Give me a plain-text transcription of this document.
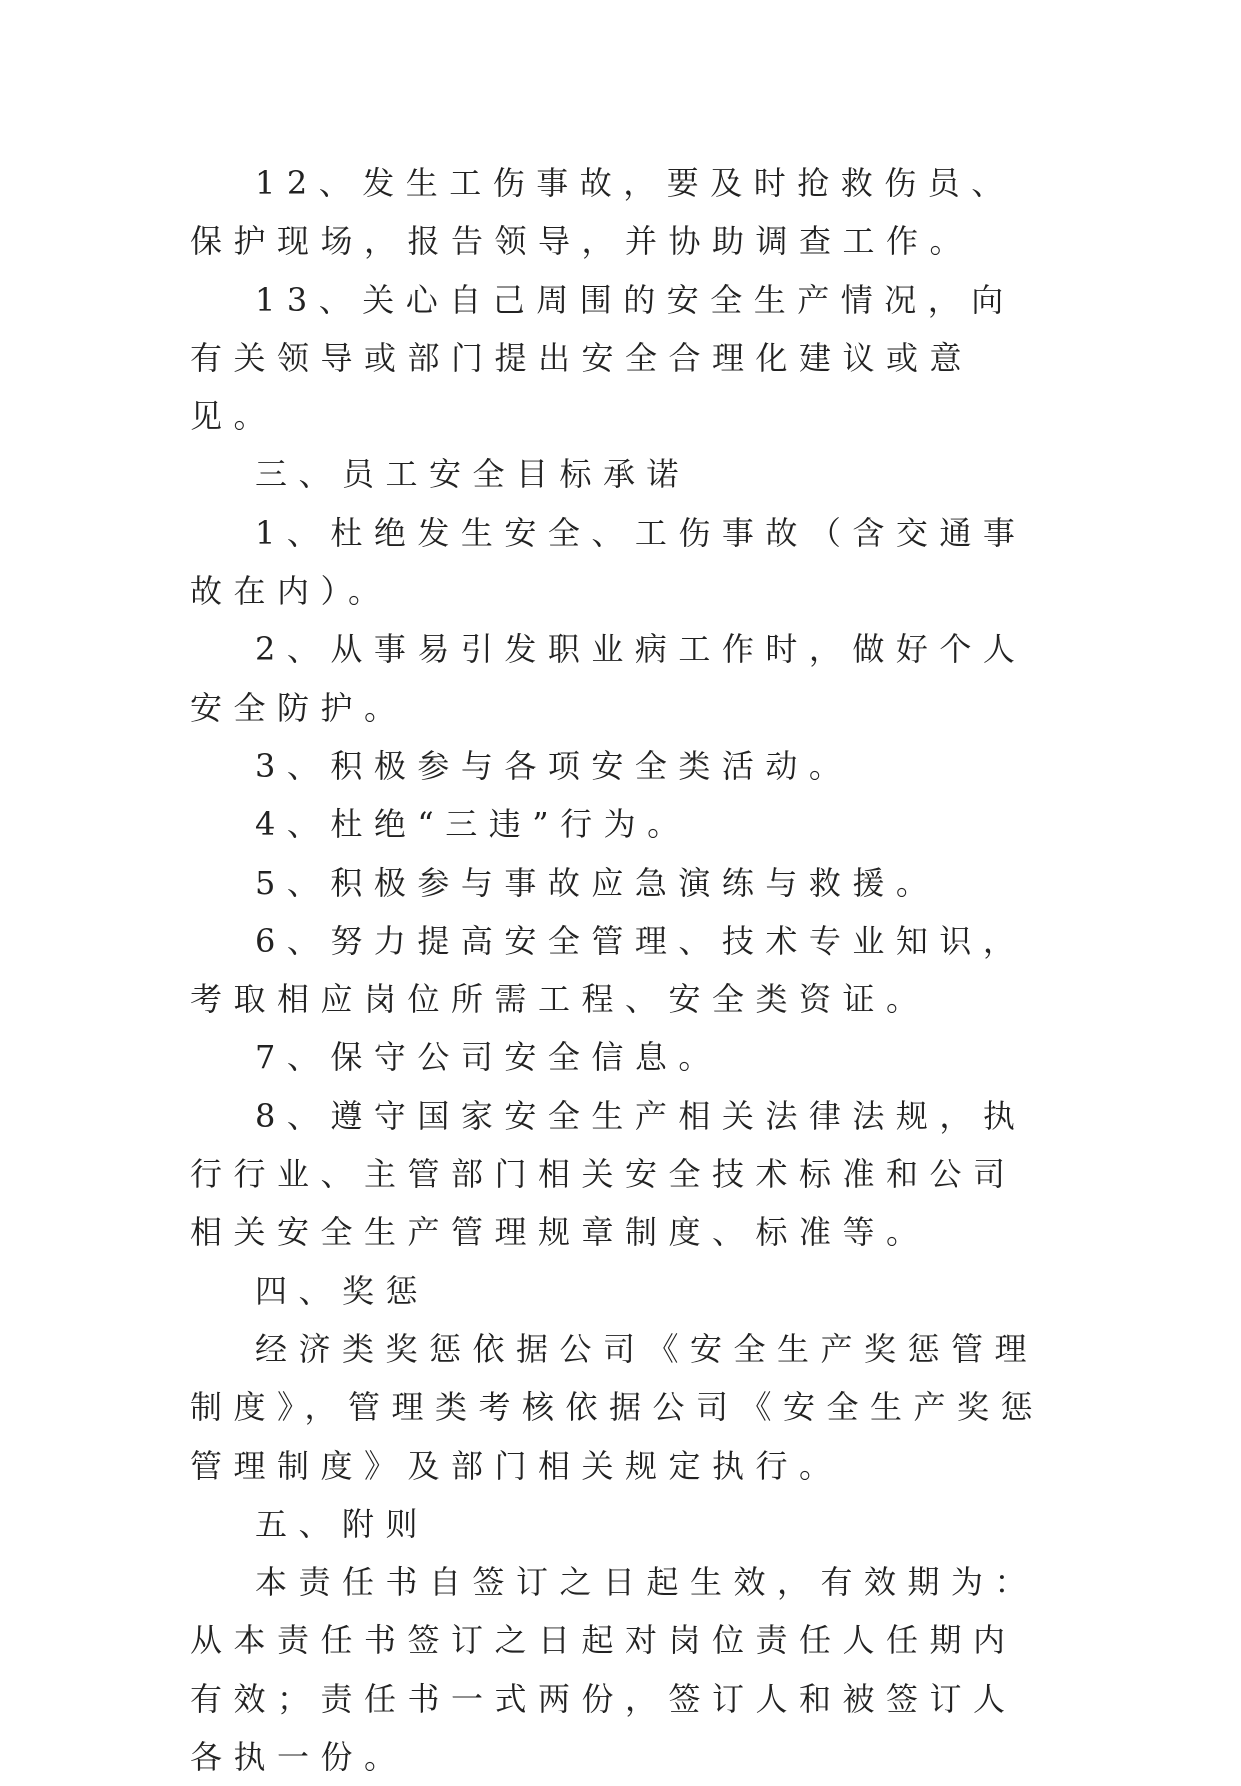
12、发生工伤事故，要及时抢救伤员、保护现场，报告领导，并协助调查工作。

13、关心自己周围的安全生产情况，向有关领导或部门提出安全合理化建议或意见。

三、员工安全目标承诺

1、杜绝发生安全、工伤事故（含交通事故在内）。

2、从事易引发职业病工作时，做好个人安全防护。

3、积极参与各项安全类活动。

4、杜绝“三违”行为。

5、积极参与事故应急演练与救援。

6、努力提高安全管理、技术专业知识，考取相应岗位所需工程、安全类资证。

7、保守公司安全信息。

8、遵守国家安全生产相关法律法规，执行行业、主管部门相关安全技术标准和公司相关安全生产管理规章制度、标准等。

四、奖惩

经济类奖惩依据公司《安全生产奖惩管理制度》，管理类考核依据公司《安全生产奖惩管理制度》及部门相关规定执行。

五、附则

本责任书自签订之日起生效，有效期为：从本责任书签订之日起对岗位责任人任期内有效；责任书一式两份，签订人和被签订人各执一份。
